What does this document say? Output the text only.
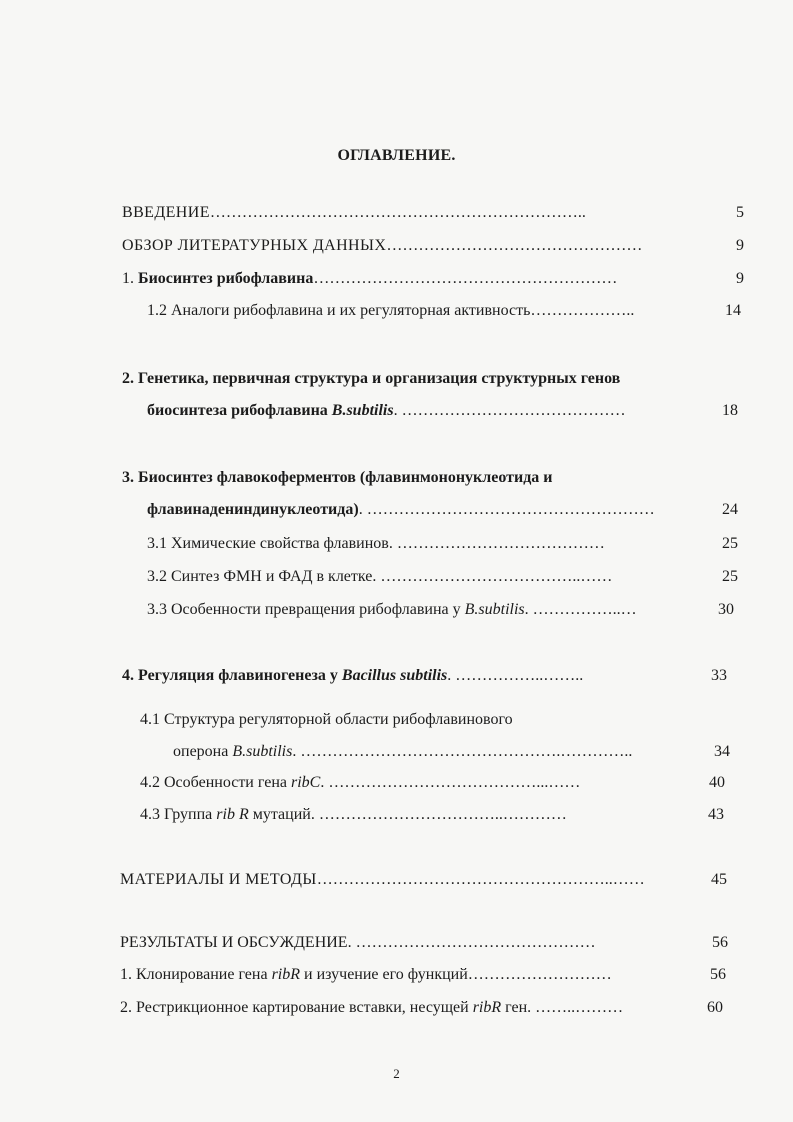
ОГЛАВЛЕНИЕ.
ВВЕДЕНИЕ……………………………………………………………..	5
ОБЗОР ЛИТЕРАТУРНЫХ ДАННЫХ…………………………………………	9
1. Биосинтез рибофлавина…………………………………………………	9
1.2 Аналоги рибофлавина и их регуляторная активность………………..	14
2. Генетика, первичная структура и организация структурных генов
биосинтеза рибофлавина B.subtilis. ……………………………………	18
3. Биосинтез флавокоферментов (флавинмононуклеотида и
флавинадениндинуклеотида). ………………………………………………	24
3.1 Химические свойства флавинов. …………………………………	25
3.2 Синтез ФМН и ФАД в клетке. ………………………………..……	25
3.3 Особенности превращения рибофлавина у B.subtilis. ……………..…	30
4. Регуляция флавиногенеза у Bacillus subtilis. ……………..……..	33
4.1 Структура регуляторной области рибофлавинового
оперона B.subtilis. ………………………………………….…………..	34
4.2 Особенности гена ribC. …………………………………...……	40
4.3 Группа rib R мутаций. ……………………………..…………	43
МАТЕРИАЛЫ И МЕТОДЫ………………………………………………..……	45
РЕЗУЛЬТАТЫ И ОБСУЖДЕНИЕ. ………………………………………	56
1. Клонирование гена ribR и изучение его функций………………………	56
2. Рестрикционное картирование вставки, несущей ribR ген. ……..………	60
2
